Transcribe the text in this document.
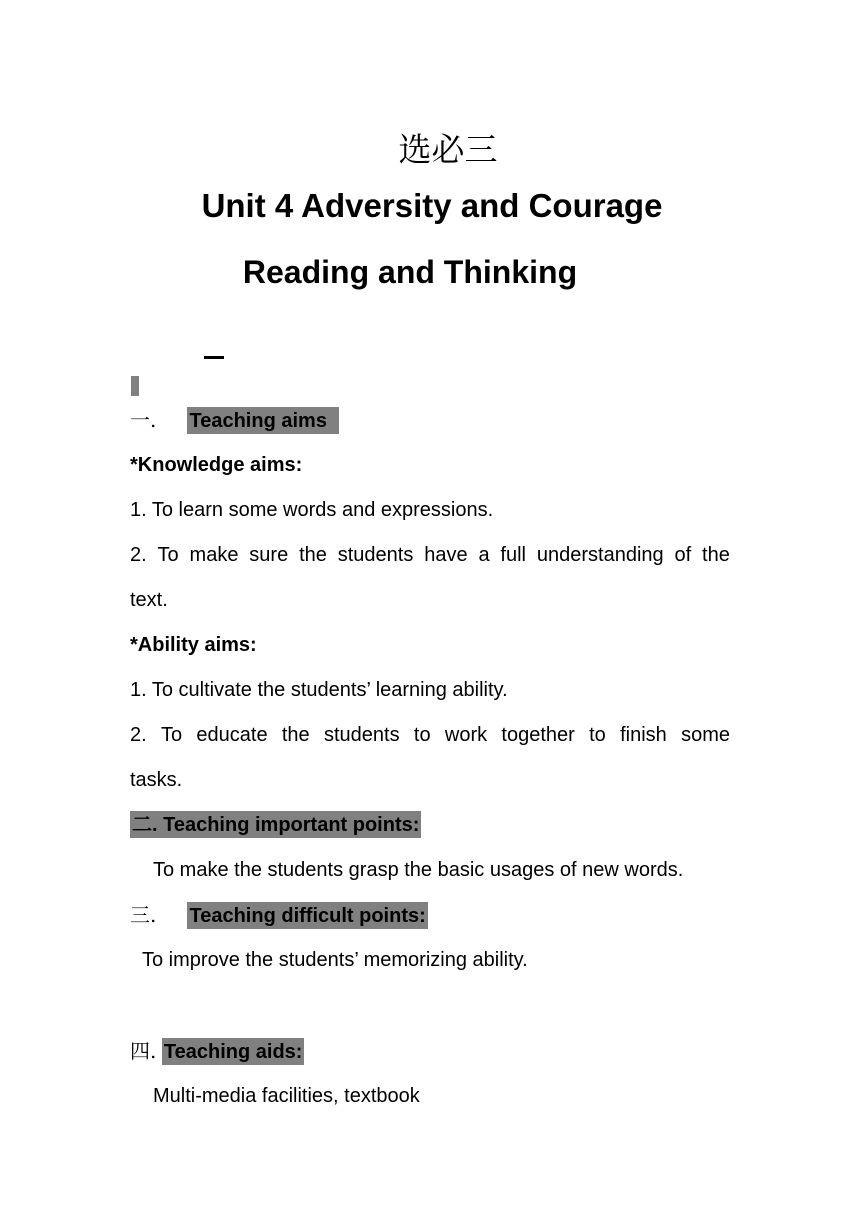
选必三
Unit 4 Adversity and Courage
Reading and Thinking
一. Teaching aims
*Knowledge aims:
1. To learn some words and expressions.
2. To make sure the students have a full understanding of the
text.
*Ability aims:
1. To cultivate the students’ learning ability.
2. To educate the students to work together to finish some
tasks.
二. Teaching important points:
To make the students grasp the basic usages of new words.
三. Teaching difficult points:
To improve the students’ memorizing ability.
四. Teaching aids:
Multi-media facilities, textbook
